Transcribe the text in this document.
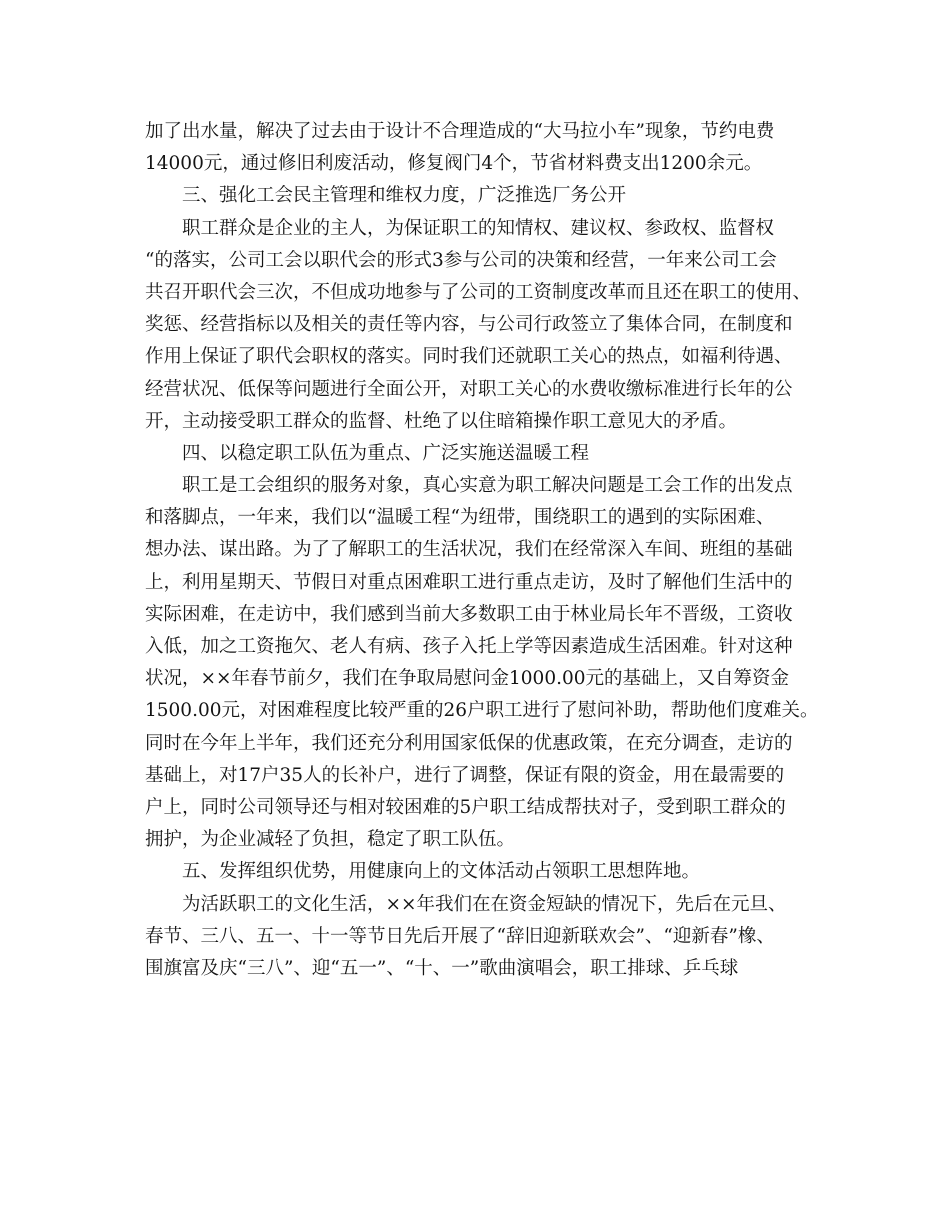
加了出水量，解决了过去由于设计不合理造成的“大马拉小车”现象，节约电费
14000元，通过修旧利废活动，修复阀门4个，节省材料费支出1200余元。
三、强化工会民主管理和维权力度，广泛推选厂务公开
职工群众是企业的主人，为保证职工的知情权、建议权、参政权、监督权
“的落实，公司工会以职代会的形式3参与公司的决策和经营，一年来公司工会
共召开职代会三次，不但成功地参与了公司的工资制度改革而且还在职工的使用、
奖惩、经营指标以及相关的责任等内容，与公司行政签立了集体合同，在制度和
作用上保证了职代会职权的落实。同时我们还就职工关心的热点，如福利待遇、
经营状况、低保等问题进行全面公开，对职工关心的水费收缴标准进行长年的公
开，主动接受职工群众的监督、杜绝了以住暗箱操作职工意见大的矛盾。
四、以稳定职工队伍为重点、广泛实施送温暖工程
职工是工会组织的服务对象，真心实意为职工解决问题是工会工作的出发点
和落脚点，一年来，我们以“温暖工程“为纽带，围绕职工的遇到的实际困难、
想办法、谋出路。为了了解职工的生活状况，我们在经常深入车间、班组的基础
上，利用星期天、节假日对重点困难职工进行重点走访，及时了解他们生活中的
实际困难，在走访中，我们感到当前大多数职工由于林业局长年不晋级，工资收
入低，加之工资拖欠、老人有病、孩子入托上学等因素造成生活困难。针对这种
状况，××年春节前夕，我们在争取局慰问金1000.00元的基础上，又自筹资金
1500.00元，对困难程度比较严重的26户职工进行了慰问补助，帮助他们度难关。
同时在今年上半年，我们还充分利用国家低保的优惠政策，在充分调查，走访的
基础上，对17户35人的长补户，进行了调整，保证有限的资金，用在最需要的
户上，同时公司领导还与相对较困难的5户职工结成帮扶对子，受到职工群众的
拥护，为企业减轻了负担，稳定了职工队伍。
五、发挥组织优势，用健康向上的文体活动占领职工思想阵地。
为活跃职工的文化生活，××年我们在在资金短缺的情况下，先后在元旦、
春节、三八、五一、十一等节日先后开展了“辞旧迎新联欢会”、“迎新春”橡、
围旗富及庆“三八”、迎“五一”、“十、一”歌曲演唱会，职工排球、乒乓球
